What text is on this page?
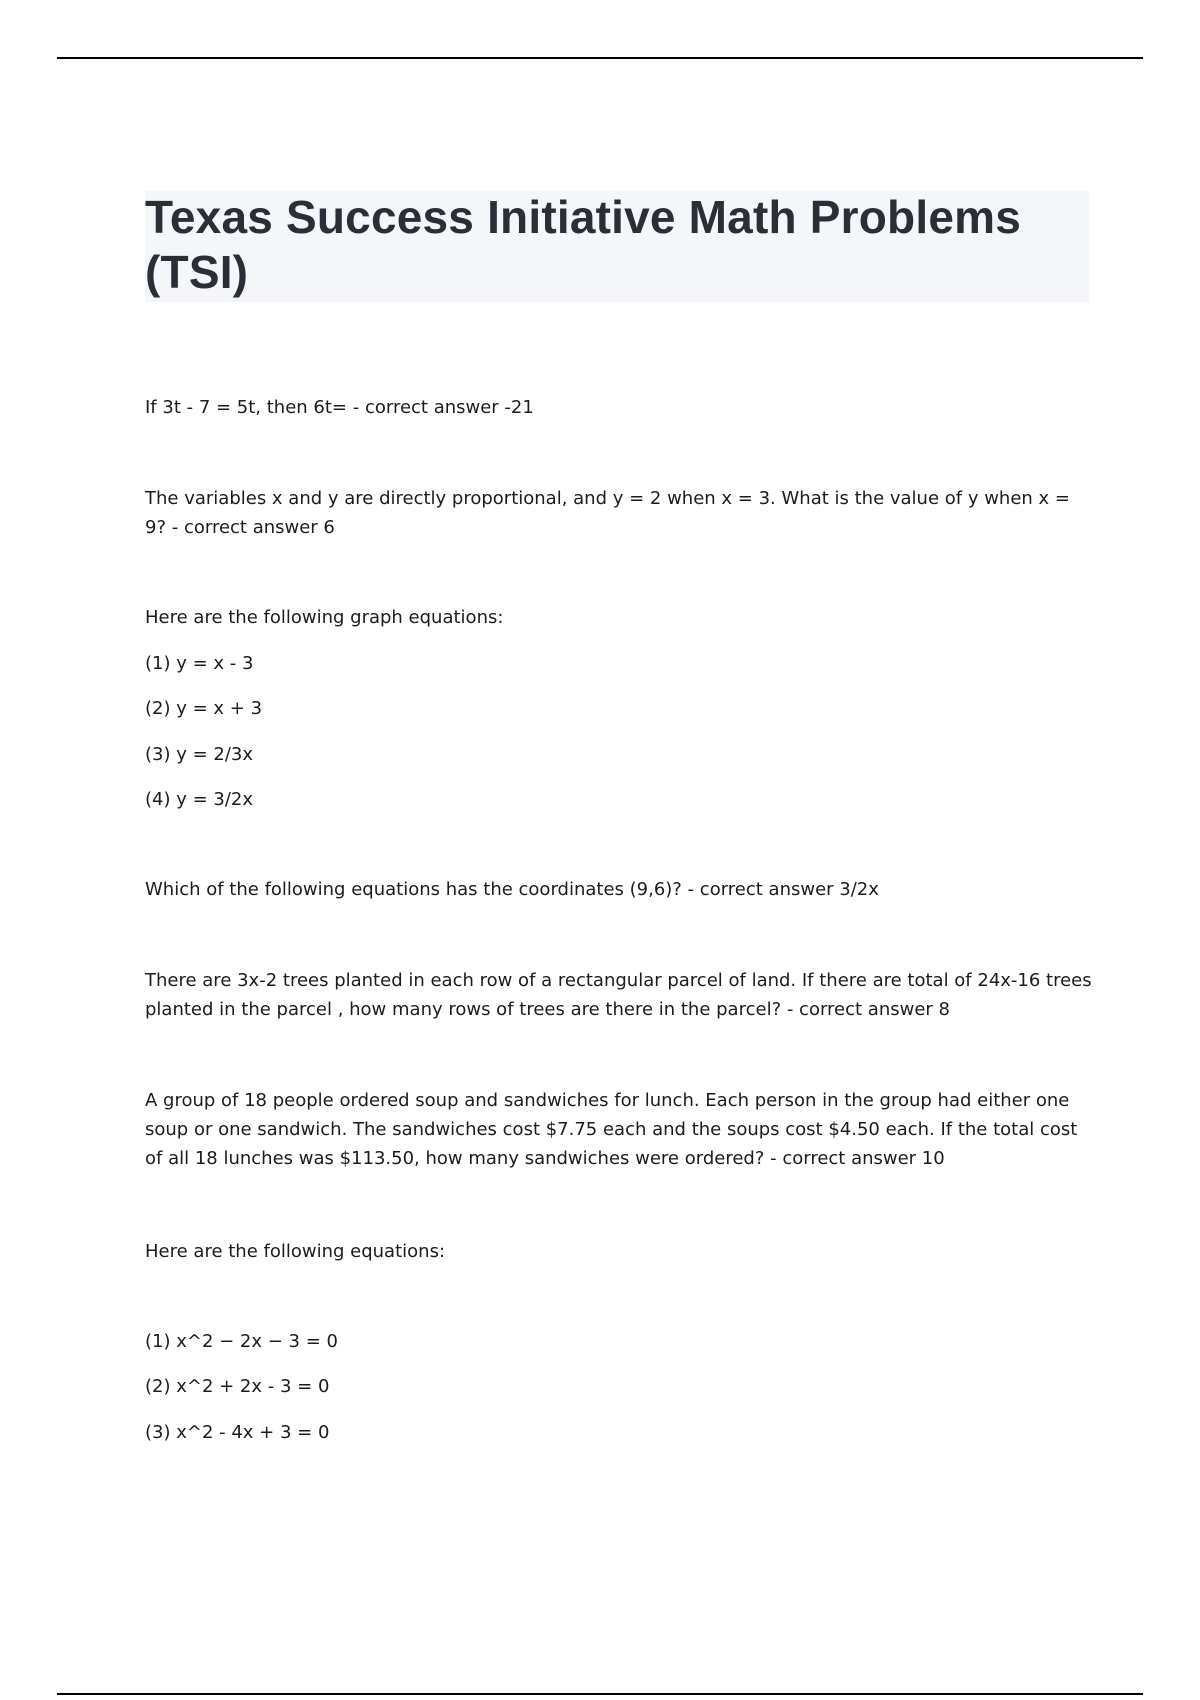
Texas Success Initiative Math Problems (TSI)

If 3t - 7 = 5t, then 6t= - correct answer -21

The variables x and y are directly proportional, and y = 2 when x = 3. What is the value of y when x = 9? - correct answer 6

Here are the following graph equations:

(1) y = x - 3

(2) y = x + 3

(3) y = 2/3x

(4) y = 3/2x

Which of the following equations has the coordinates (9,6)? - correct answer 3/2x

There are 3x-2 trees planted in each row of a rectangular parcel of land. If there are total of 24x-16 trees planted in the parcel , how many rows of trees are there in the parcel? - correct answer 8

A group of 18 people ordered soup and sandwiches for lunch. Each person in the group had either one soup or one sandwich. The sandwiches cost $7.75 each and the soups cost $4.50 each. If the total cost of all 18 lunches was $113.50, how many sandwiches were ordered? - correct answer 10

Here are the following equations:

(1) x^2 − 2x − 3 = 0

(2) x^2 + 2x - 3 = 0

(3) x^2 - 4x + 3 = 0
